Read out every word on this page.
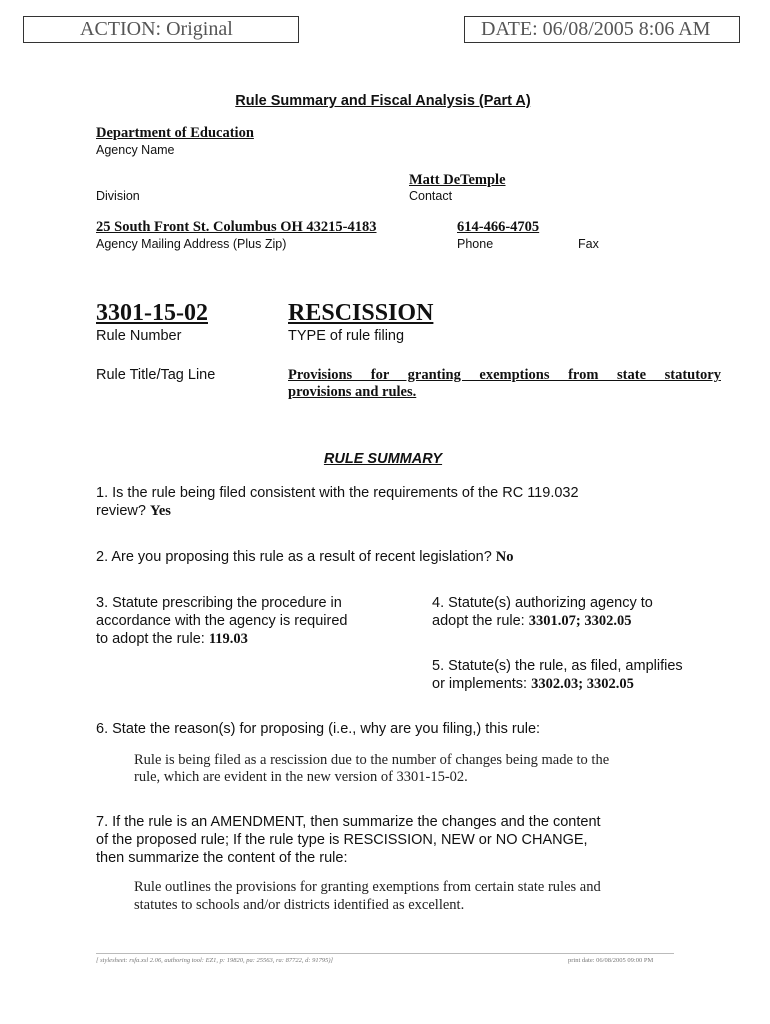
ACTION: Original	DATE: 06/08/2005 8:06 AM
Rule Summary and Fiscal Analysis (Part A)
Department of Education
Agency Name
Matt DeTemple
Division	Contact
25 South Front St. Columbus OH 43215-4183	614-466-4705
Agency Mailing Address (Plus Zip)	Phone	Fax
3301-15-02	RESCISSION
Rule Number	TYPE of rule filing
Rule Title/Tag Line	Provisions for granting exemptions from state statutory
provisions and rules.
RULE SUMMARY
1. Is the rule being filed consistent with the requirements of the RC 119.032
review? Yes
2. Are you proposing this rule as a result of recent legislation? No
3. Statute prescribing the procedure in
accordance with the agency is required
to adopt the rule: 119.03
4. Statute(s) authorizing agency to
adopt the rule: 3301.07; 3302.05
5. Statute(s) the rule, as filed, amplifies
or implements: 3302.03; 3302.05
6. State the reason(s) for proposing (i.e., why are you filing,) this rule:
Rule is being filed as a rescission due to the number of changes being made to the
rule, which are evident in the new version of 3301-15-02.
7. If the rule is an AMENDMENT, then summarize the changes and the content
of the proposed rule; If the rule type is RESCISSION, NEW or NO CHANGE,
then summarize the content of the rule:
Rule outlines the provisions for granting exemptions from certain state rules and
statutes to schools and/or districts identified as excellent.
[ stylesheet: rsfa.xsl 2.06, authoring tool: EZ1, p: 19820, pa: 25563, ra: 87722, d: 91795)]	print date: 06/08/2005 09:00 PM
